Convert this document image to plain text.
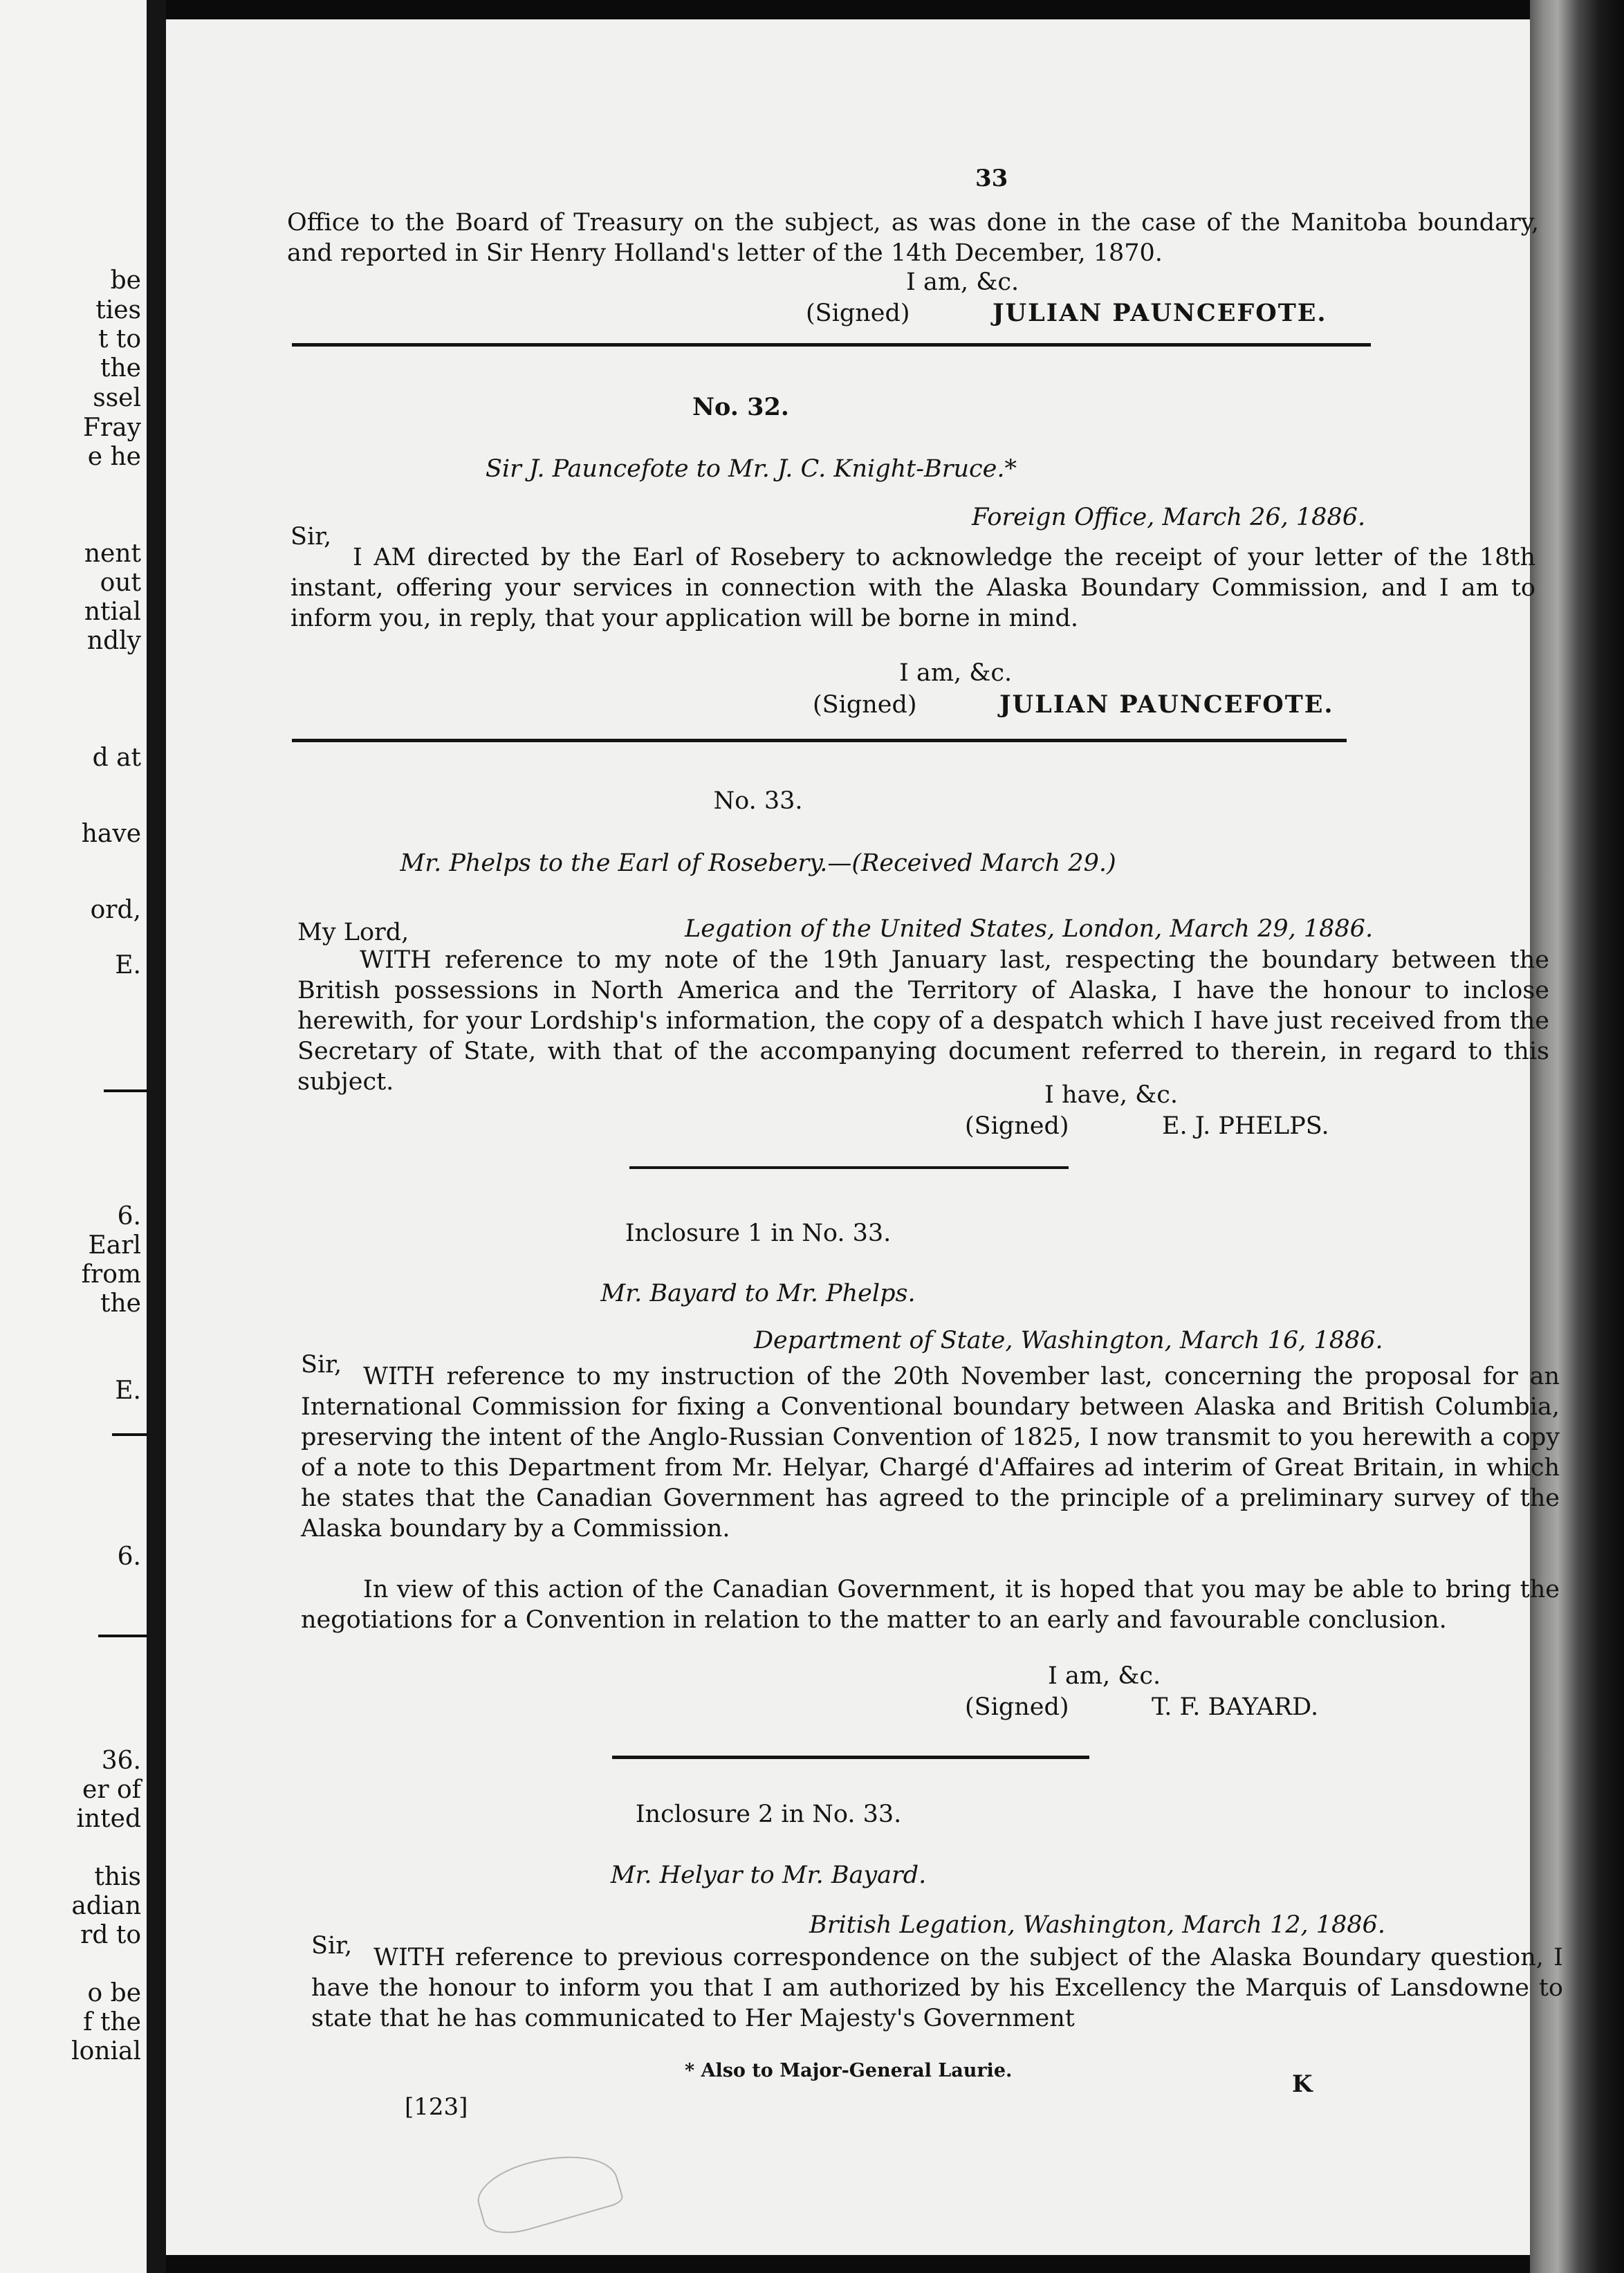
be
ties
t to
the
ssel
Fray
e he
nent
out
ntial
ndly
d at
have
ord,
E.
6.
Earl
from
the
E.
6.
36.
er of
inted
this
adian
rd to
o be
f the
lonial
33
Office to the Board of Treasury on the subject, as was done in the case of the Manitoba boundary, and reported in Sir Henry Holland's letter of the 14th December, 1870.
I am, &c.
(Signed)	JULIAN PAUNCEFOTE.
No. 32.
Sir J. Pauncefote to Mr. J. C. Knight-Bruce.*
Sir,
Foreign Office, March 26, 1886.
I AM directed by the Earl of Rosebery to acknowledge the receipt of your letter of the 18th instant, offering your services in connection with the Alaska Boundary Commission, and I am to inform you, in reply, that your application will be borne in mind.
I am, &c.
(Signed)	JULIAN PAUNCEFOTE.
No. 33.
Mr. Phelps to the Earl of Rosebery.—(Received March 29.)
My Lord,	Legation of the United States, London, March 29, 1886.
WITH reference to my note of the 19th January last, respecting the boundary between the British possessions in North America and the Territory of Alaska, I have the honour to inclose herewith, for your Lordship's information, the copy of a despatch which I have just received from the Secretary of State, with that of the accompanying document referred to therein, in regard to this subject.	I have, &c.
(Signed)	E. J. PHELPS.
Inclosure 1 in No. 33.
Mr. Bayard to Mr. Phelps.
Sir,
Department of State, Washington, March 16, 1886.
WITH reference to my instruction of the 20th November last, concerning the proposal for an International Commission for fixing a Conventional boundary between Alaska and British Columbia, preserving the intent of the Anglo-Russian Convention of 1825, I now transmit to you herewith a copy of a note to this Department from Mr. Helyar, Chargé d'Affaires ad interim of Great Britain, in which he states that the Canadian Government has agreed to the principle of a preliminary survey of the Alaska boundary by a Commission.
In view of this action of the Canadian Government, it is hoped that you may be able to bring the negotiations for a Convention in relation to the matter to an early and favourable conclusion.
I am, &c.
(Signed)	T. F. BAYARD.
Inclosure 2 in No. 33.
Mr. Helyar to Mr. Bayard.
Sir,
British Legation, Washington, March 12, 1886.
WITH reference to previous correspondence on the subject of the Alaska Boundary question, I have the honour to inform you that I am authorized by his Excellency the Marquis of Lansdowne to state that he has communicated to Her Majesty's Government
* Also to Major-General Laurie.
[123]
K
